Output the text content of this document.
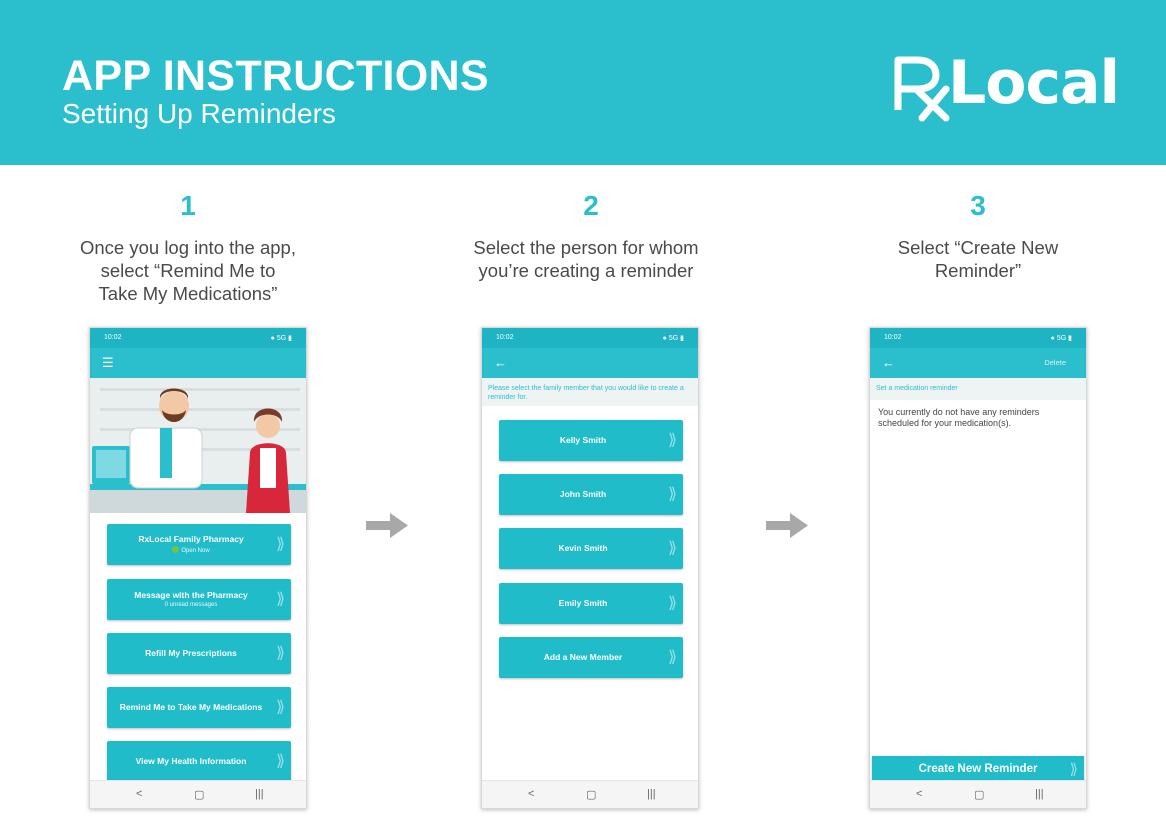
APP INSTRUCTIONS
Setting Up Reminders	Local
1
Once you log into the app,
select “Remind Me to
Take My Medications”
2
Select the person for whom
you’re creating a reminder
3
Select “Create New
Reminder”
10:02	● 5G ▮
☰
RxLocal Family Pharmacy
Open Now	⟫
Message with the Pharmacy
0 unread messages	⟫
Refill My Prescriptions	⟫
Remind Me to Take My Medications ⟫
View My Health Information	⟫
<	▢	|||
10:02	● 5G ▮
←
Please select the family member that you would like to create a reminder for.
Kelly Smith	⟫
John Smith	⟫
Kevin Smith	⟫
Emily Smith	⟫
Add a New Member	⟫
<	▢	|||
10:02	● 5G ▮
←	Delete
Set a medication reminder
You currently do not have any reminders scheduled for your medication(s).
Create New Reminder	⟫
<	▢	|||
